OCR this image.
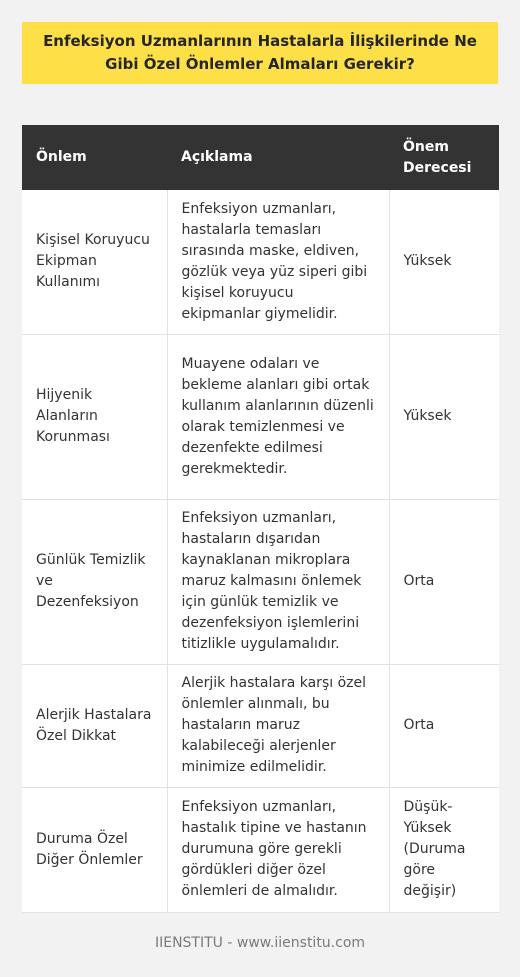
Enfeksiyon Uzmanlarının Hastalarla İlişkilerinde Ne Gibi Özel Önlemler Almaları Gerekir?
Önlem	Açıklama	Önem Derecesi
Kişisel Koruyucu Ekipman Kullanımı	Enfeksiyon uzmanları, hastalarla temasları sırasında maske, eldiven, gözlük veya yüz siperi gibi kişisel koruyucu ekipmanlar giymelidir.	Yüksek
Hijyenik Alanların Korunması	Muayene odaları ve bekleme alanları gibi ortak kullanım alanlarının düzenli olarak temizlenmesi ve dezenfekte edilmesi gerekmektedir.	Yüksek
Günlük Temizlik ve Dezenfeksiyon	Enfeksiyon uzmanları, hastaların dışarıdan kaynaklanan mikroplara maruz kalmasını önlemek için günlük temizlik ve dezenfeksiyon işlemlerini titizlikle uygulamalıdır.	Orta
Alerjik Hastalara Özel Dikkat	Alerjik hastalara karşı özel önlemler alınmalı, bu hastaların maruz kalabileceği alerjenler minimize edilmelidir.	Orta
Duruma Özel Diğer Önlemler	Enfeksiyon uzmanları, hastalık tipine ve hastanın durumuna göre gerekli gördükleri diğer özel önlemleri de almalıdır.	Düşük-Yüksek (Duruma göre değişir)
IIENSTITU - www.iienstitu.com
